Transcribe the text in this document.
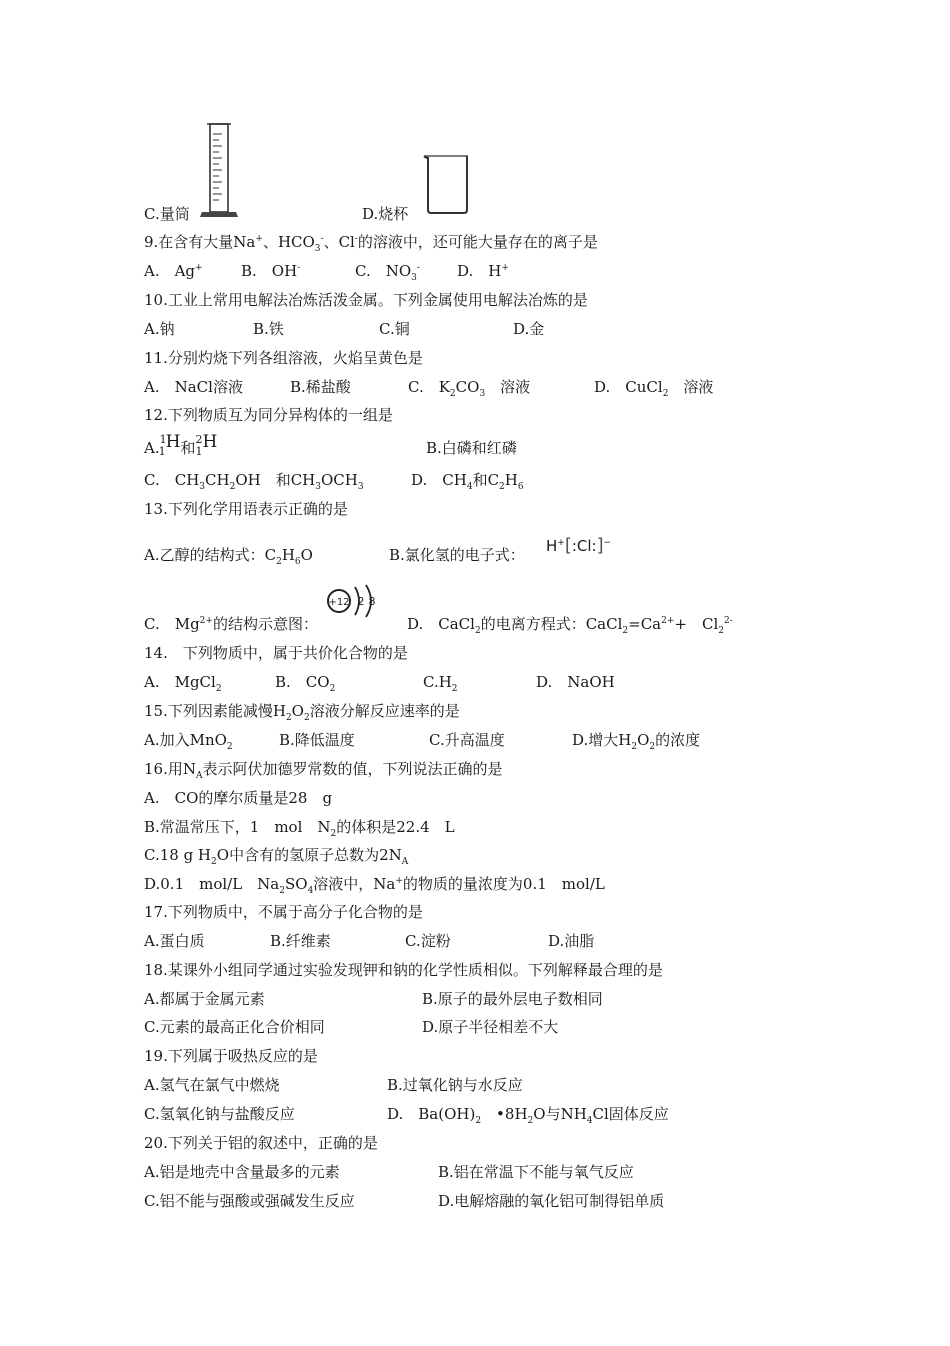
C.量筒	D.烧杯
9.在含有大量Na+、$HCO_3^-$、Cl-的溶液中，还可能大量存在的离子是
A.　Ag+	B.　OH-	C.　$NO_3^-$ D.　H+
10.工业上常用电解法冶炼活泼金属。下列金属使用电解法冶炼的是
A.钠	B.铁	C.铜	D.金
11.分别灼烧下列各组溶液，火焰呈黄色是
A.　NaCl溶液	B.稀盐酸	C.　$K_2CO_3$　溶液	D.　CuCl$_2$　溶液
12.下列物质互为同分异构体的一组是
A.$^1$1H和$^2$1H	B.白磷和红磷
C.　$CH_3CH_2OH$　和$CH_3OCH_3$	D.　$CH_4$和$C_2H_6$
13.下列化学用语表示正确的是
A.乙醇的结构式：$C_2H_6O$	B.氯化氢的电子式： H+[:Cl:]−
+12 2 8
C.　$Mg^{2+}$的结构示意图：	D.　CaCl$_2$的电离方程式：$CaCl_2=Ca^{2+}+$　$Cl_2^{2-}$
14.　下列物质中，属于共价化合物的是
A.　MgCl$_2$	B.　$CO_2$	$C.H_2$	D.　NaOH
15.下列因素能减慢$H_2O_2$溶液分解反应速率的是
A.加入MnO$_2$	B.降低温度	C.升高温度	D.增大$H_2O_2$的浓度
16.用$N_A$表示阿伏加德罗常数的值，下列说法正确的是
A.　CO的摩尔质量是28　g
B.常温常压下，1　mol　$N_2$的体积是22.4　L
C.18 g $H_2O$中含有的氢原子总数为$2N_A$
D.0.1　mol/L　$Na_2SO_4$溶液中，Na+的物质的量浓度为0.1　mol/L
17.下列物质中，不属于高分子化合物的是
A.蛋白质	B.纤维素	C.淀粉	D.油脂
18.某课外小组同学通过实验发现钾和钠的化学性质相似。下列解释最合理的是
A.都属于金属元素	B.原子的最外层电子数相同
C.元素的最高正化合价相同	D.原子半径相差不大
19.下列属于吸热反应的是
A.氢气在氯气中燃烧	B.过氧化钠与水反应
C.氢氧化钠与盐酸反应	D.　$Ba(OH)_2$　$•8H_2O$与$NH_4Cl$固体反应
20.下列关于铝的叙述中，正确的是
A.铝是地壳中含量最多的元素	B.铝在常温下不能与氧气反应
C.铝不能与强酸或强碱发生反应	D.电解熔融的氧化铝可制得铝单质
